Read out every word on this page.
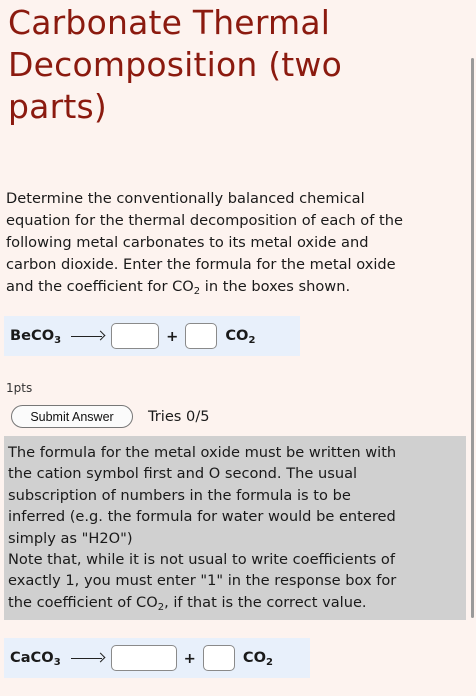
Carbonate Thermal
Decomposition (two
parts)
Determine the conventionally balanced chemical
equation for the thermal decomposition of each of the
following metal carbonates to its metal oxide and
carbon dioxide. Enter the formula for the metal oxide
and the coefficient for $CO_2$ in the boxes shown.
BeCO$_3$	+	$CO_2$
1pts
Submit Answer	Tries 0/5
The formula for the metal oxide must be written with
the cation symbol first and O second. The usual
subscription of numbers in the formula is to be
inferred (e.g. the formula for water would be entered
simply as "H2O")
Note that, while it is not usual to write coefficients of
exactly 1, you must enter "1" in the response box for
the coefficient of $CO_2$, if that is the correct value.
CaCO$_3$	+	$CO_2$
